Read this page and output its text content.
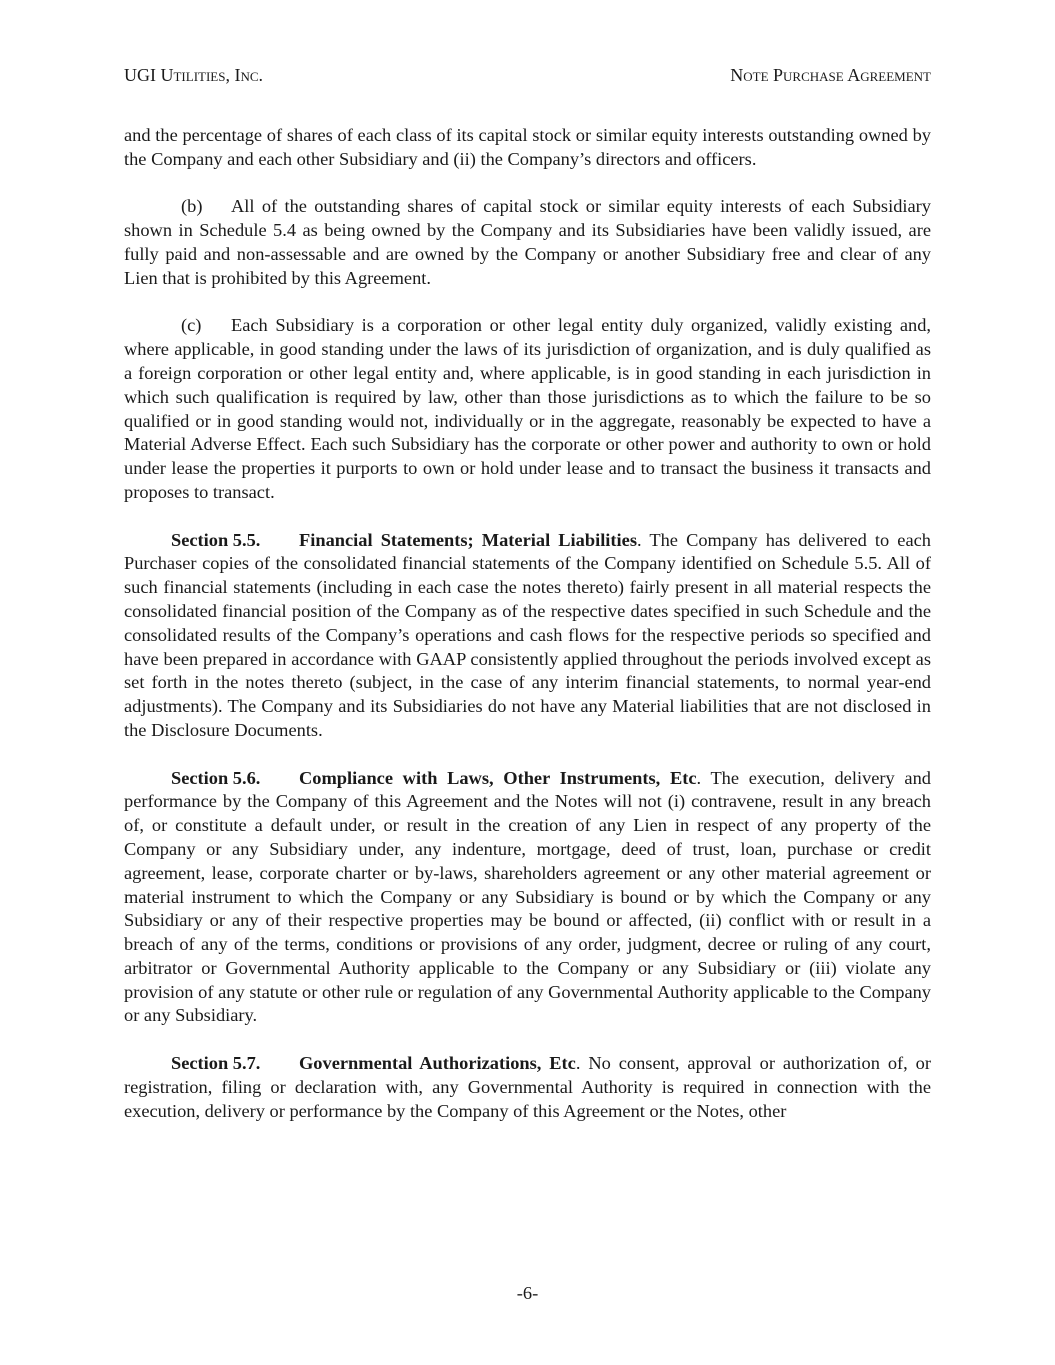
UGI Utilities, Inc.	Note Purchase Agreement

and the percentage of shares of each class of its capital stock or similar equity interests outstanding owned by the Company and each other Subsidiary and (ii) the Company’s directors and officers.

(b) All of the outstanding shares of capital stock or similar equity interests of each Subsidiary shown in Schedule 5.4 as being owned by the Company and its Subsidiaries have been validly issued, are fully paid and non-assessable and are owned by the Company or another Subsidiary free and clear of any Lien that is prohibited by this Agreement.

(c) Each Subsidiary is a corporation or other legal entity duly organized, validly existing and, where applicable, in good standing under the laws of its jurisdiction of organization, and is duly qualified as a foreign corporation or other legal entity and, where applicable, is in good standing in each jurisdiction in which such qualification is required by law, other than those jurisdictions as to which the failure to be so qualified or in good standing would not, individually or in the aggregate, reasonably be expected to have a Material Adverse Effect. Each such Subsidiary has the corporate or other power and authority to own or hold under lease the properties it purports to own or hold under lease and to transact the business it transacts and proposes to transact.

Section 5.5. Financial Statements; Material Liabilities. The Company has delivered to each Purchaser copies of the consolidated financial statements of the Company identified on Schedule 5.5. All of such financial statements (including in each case the notes thereto) fairly present in all material respects the consolidated financial position of the Company as of the respective dates specified in such Schedule and the consolidated results of the Company’s operations and cash flows for the respective periods so specified and have been prepared in accordance with GAAP consistently applied throughout the periods involved except as set forth in the notes thereto (subject, in the case of any interim financial statements, to normal year-end adjustments). The Company and its Subsidiaries do not have any Material liabilities that are not disclosed in the Disclosure Documents.

Section 5.6. Compliance with Laws, Other Instruments, Etc. The execution, delivery and performance by the Company of this Agreement and the Notes will not (i) contravene, result in any breach of, or constitute a default under, or result in the creation of any Lien in respect of any property of the Company or any Subsidiary under, any indenture, mortgage, deed of trust, loan, purchase or credit agreement, lease, corporate charter or by-laws, shareholders agreement or any other material agreement or material instrument to which the Company or any Subsidiary is bound or by which the Company or any Subsidiary or any of their respective properties may be bound or affected, (ii) conflict with or result in a breach of any of the terms, conditions or provisions of any order, judgment, decree or ruling of any court, arbitrator or Governmental Authority applicable to the Company or any Subsidiary or (iii) violate any provision of any statute or other rule or regulation of any Governmental Authority applicable to the Company or any Subsidiary.

Section 5.7. Governmental Authorizations, Etc. No consent, approval or authorization of, or registration, filing or declaration with, any Governmental Authority is required in connection with the execution, delivery or performance by the Company of this Agreement or the Notes, other

-6-
